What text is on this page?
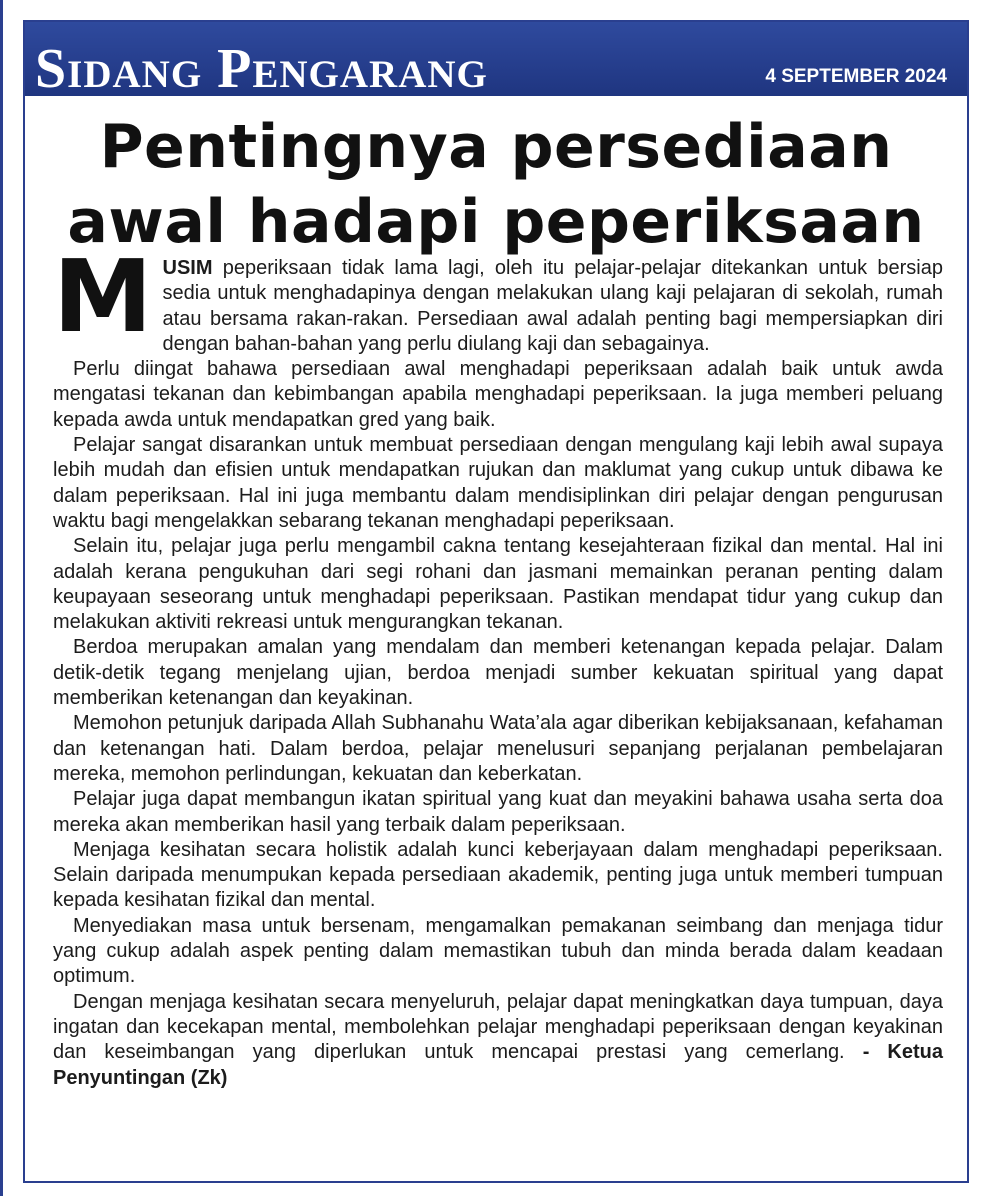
Sidang Pengarang	4 SEPTEMBER 2024
Pentingnya persediaan
awal hadapi peperiksaan

MUSIM peperiksaan tidak lama lagi, oleh itu pelajar-pelajar ditekankan untuk bersiap sedia untuk menghadapinya dengan melakukan ulang kaji pelajaran di sekolah, rumah atau bersama rakan-rakan. Persediaan awal adalah penting bagi mempersiapkan diri dengan bahan-bahan yang perlu diulang kaji dan sebagainya.

Perlu diingat bahawa persediaan awal menghadapi peperiksaan adalah baik untuk awda mengatasi tekanan dan kebimbangan apabila menghadapi peperiksaan. Ia juga memberi peluang kepada awda untuk mendapatkan gred yang baik.

Pelajar sangat disarankan untuk membuat persediaan dengan mengulang kaji lebih awal supaya lebih mudah dan efisien untuk mendapatkan rujukan dan maklumat yang cukup untuk dibawa ke dalam peperiksaan. Hal ini juga membantu dalam mendisiplinkan diri pelajar dengan pengurusan waktu bagi mengelakkan sebarang tekanan menghadapi peperiksaan.

Selain itu, pelajar juga perlu mengambil cakna tentang kesejahteraan fizikal dan mental. Hal ini adalah kerana pengukuhan dari segi rohani dan jasmani memainkan peranan penting dalam keupayaan seseorang untuk menghadapi peperiksaan. Pastikan mendapat tidur yang cukup dan melakukan aktiviti rekreasi untuk mengurangkan tekanan.

Berdoa merupakan amalan yang mendalam dan memberi ketenangan kepada pelajar. Dalam detik-detik tegang menjelang ujian, berdoa menjadi sumber kekuatan spiritual yang dapat memberikan ketenangan dan keyakinan.

Memohon petunjuk daripada Allah Subhanahu Wata’ala agar diberikan kebijaksanaan, kefahaman dan ketenangan hati. Dalam berdoa, pelajar menelusuri sepanjang perjalanan pembelajaran mereka, memohon perlindungan, kekuatan dan keberkatan.

Pelajar juga dapat membangun ikatan spiritual yang kuat dan meyakini bahawa usaha serta doa mereka akan memberikan hasil yang terbaik dalam peperiksaan.

Menjaga kesihatan secara holistik adalah kunci keberjayaan dalam menghadapi peperiksaan. Selain daripada menumpukan kepada persediaan akademik, penting juga untuk memberi tumpuan kepada kesihatan fizikal dan mental.

Menyediakan masa untuk bersenam, mengamalkan pemakanan seimbang dan menjaga tidur yang cukup adalah aspek penting dalam memastikan tubuh dan minda berada dalam keadaan optimum.

Dengan menjaga kesihatan secara menyeluruh, pelajar dapat meningkatkan daya tumpuan, daya ingatan dan kecekapan mental, membolehkan pelajar menghadapi peperiksaan dengan keyakinan dan keseimbangan yang diperlukan untuk mencapai prestasi yang cemerlang. - Ketua Penyuntingan (Zk)
